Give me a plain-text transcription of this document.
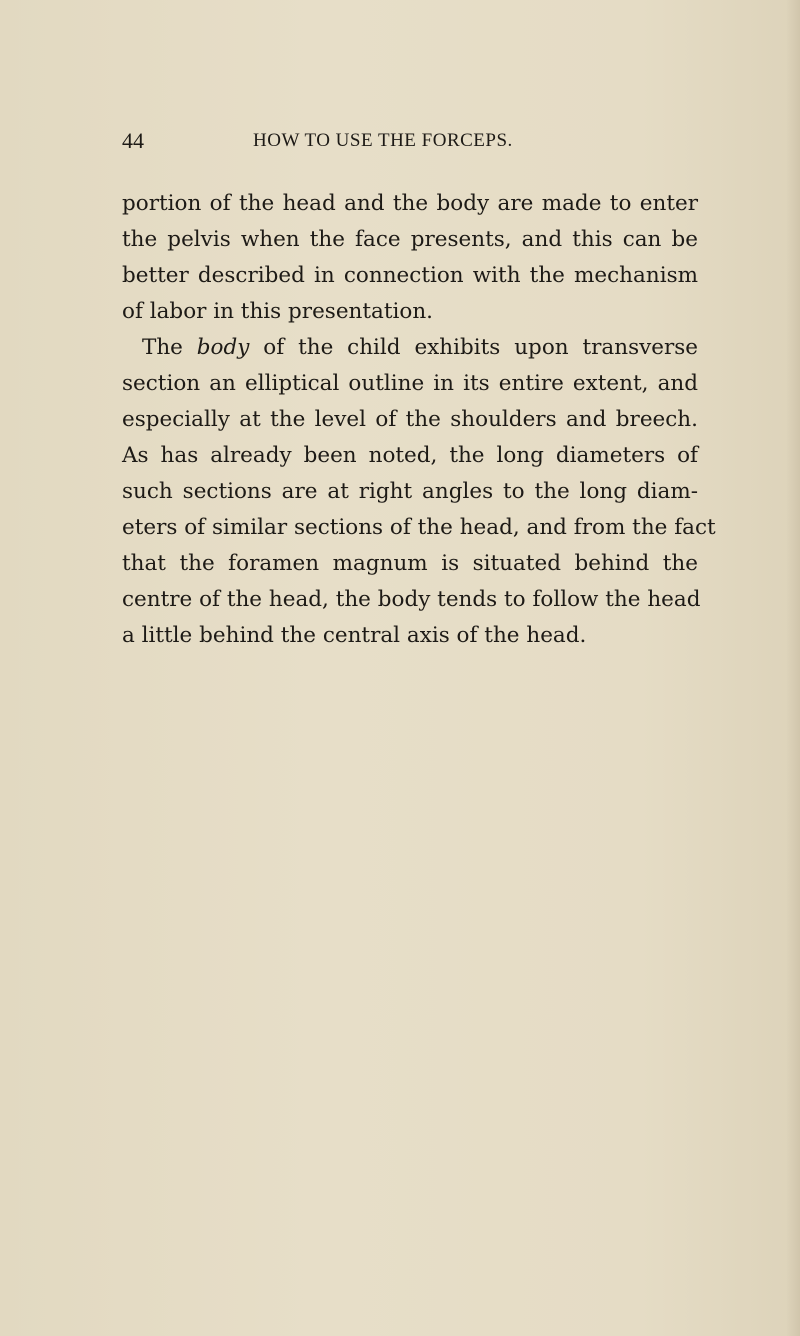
44	HOW TO USE THE FORCEPS.
portion of the head and the body are made to enter
the pelvis when the face presents, and this can be
better described in connection with the mechanism
of labor in this presentation.
The body of the child exhibits upon transverse
section an elliptical outline in its entire extent, and
especially at the level of the shoulders and breech.
As has already been noted, the long diameters of
such sections are at right angles to the long diam-
eters of similar sections of the head, and from the fact
that the foramen magnum is situated behind the
centre of the head, the body tends to follow the head
a little behind the central axis of the head.
